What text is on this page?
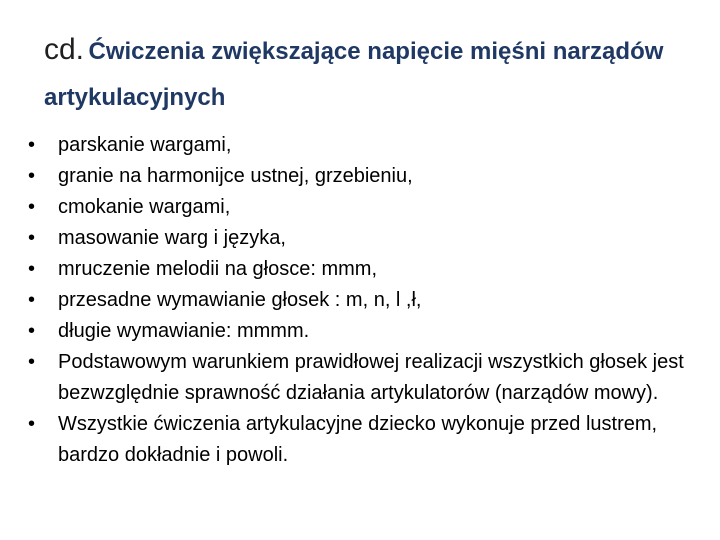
cd. Ćwiczenia zwiększające napięcie mięśni narządów artykulacyjnych
•	parskanie wargami,
•	granie na harmonijce ustnej, grzebieniu,
•	cmokanie wargami,
•	masowanie warg i języka,
•	mruczenie melodii na głosce: mmm,
•	przesadne wymawianie głosek : m, n, l ,ł,
•	długie wymawianie: mmmm.
•	Podstawowym warunkiem prawidłowej realizacji wszystkich głosek jest bezwzględnie sprawność działania artykulatorów (narządów mowy).
•	Wszystkie ćwiczenia artykulacyjne dziecko wykonuje przed lustrem, bardzo dokładnie i powoli.
